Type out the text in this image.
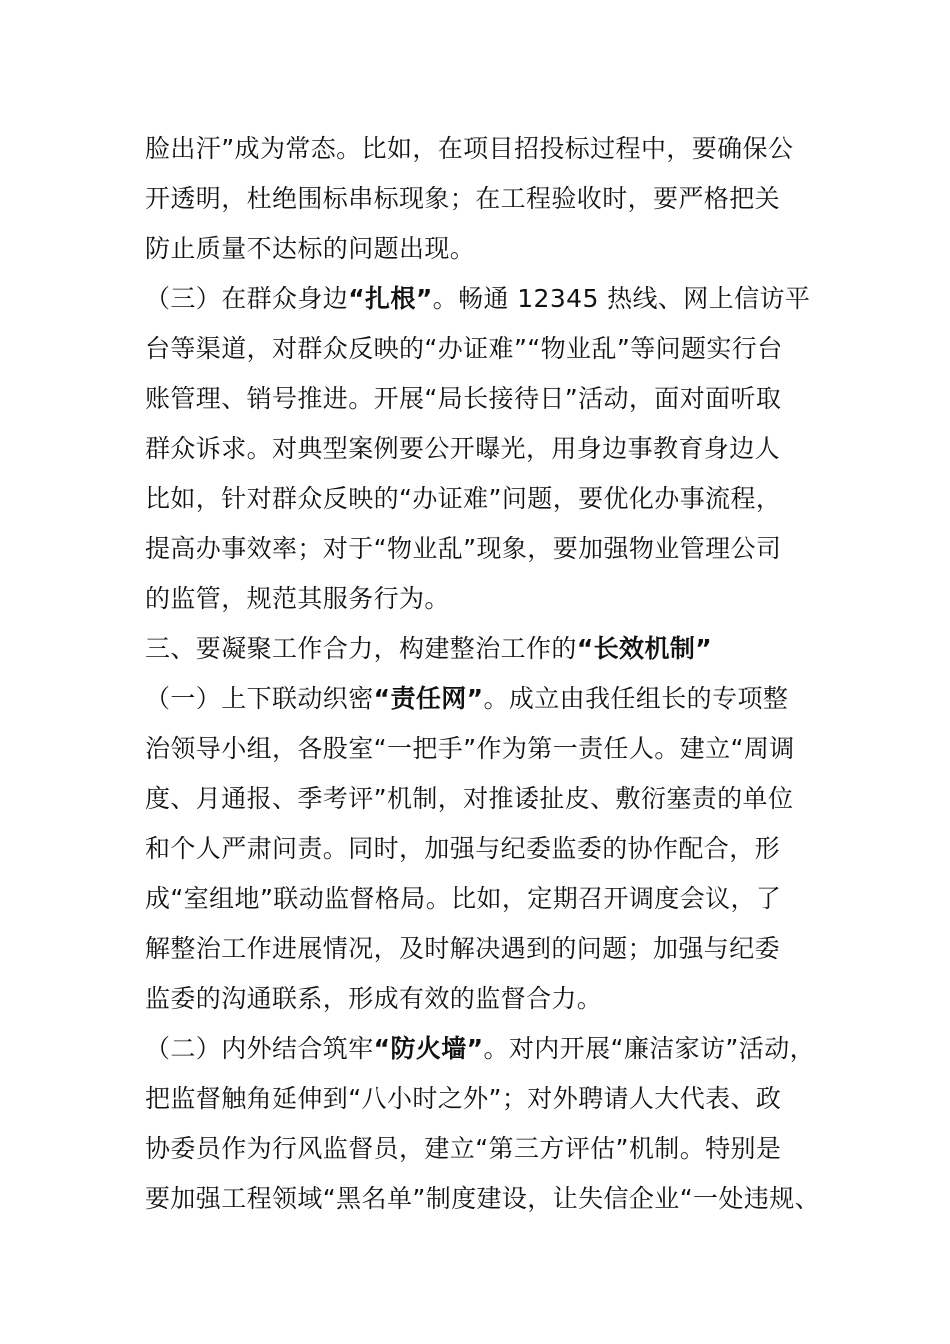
脸出汗”成为常态。比如，在项目招投标过程中，要确保公
开透明，杜绝围标串标现象；在工程验收时，要严格把关
防止质量不达标的问题出现。
（三）在群众身边“扎根”。畅通 12345 热线、网上信访平
台等渠道，对群众反映的“办证难”“物业乱”等问题实行台
账管理、销号推进。开展“局长接待日”活动，面对面听取
群众诉求。对典型案例要公开曝光，用身边事教育身边人
比如，针对群众反映的“办证难”问题，要优化办事流程，
提高办事效率；对于“物业乱”现象，要加强物业管理公司
的监管，规范其服务行为。
三、要凝聚工作合力，构建整治工作的“长效机制”
（一）上下联动织密“责任网”。成立由我任组长的专项整
治领导小组，各股室“一把手”作为第一责任人。建立“周调
度、月通报、季考评”机制，对推诿扯皮、敷衍塞责的单位
和个人严肃问责。同时，加强与纪委监委的协作配合，形
成“室组地”联动监督格局。比如，定期召开调度会议，了
解整治工作进展情况，及时解决遇到的问题；加强与纪委
监委的沟通联系，形成有效的监督合力。
（二）内外结合筑牢“防火墙”。对内开展“廉洁家访”活动，
把监督触角延伸到“八小时之外”；对外聘请人大代表、政
协委员作为行风监督员，建立“第三方评估”机制。特别是
要加强工程领域“黑名单”制度建设，让失信企业“一处违规、
